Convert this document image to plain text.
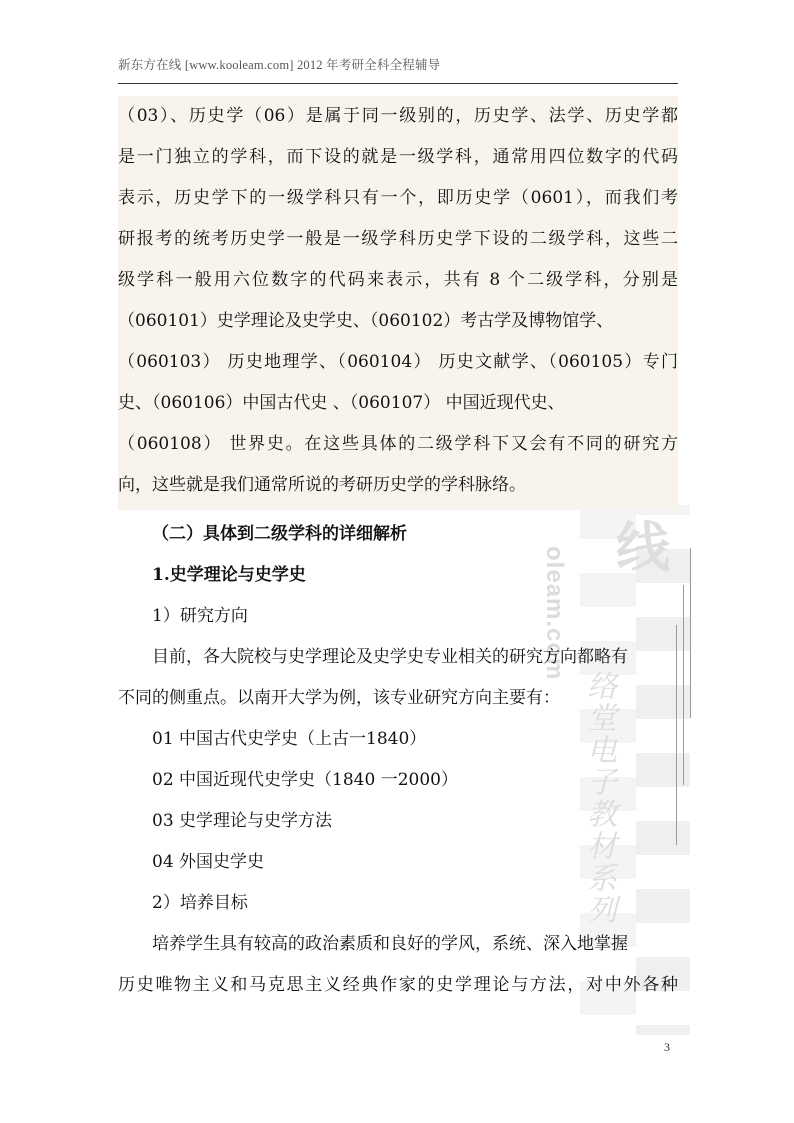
新东方在线 [www.kooleam.com] 2012 年考研全科全程辅导
线
oleam.com
络堂电子教材系列
（03）、历史学（06）是属于同一级别的，历史学、法学、历史学都
是一门独立的学科，而下设的就是一级学科，通常用四位数字的代码
表示，历史学下的一级学科只有一个，即历史学（0601），而我们考
研报考的统考历史学一般是一级学科历史学下设的二级学科，这些二
级学科一般用六位数字的代码来表示，共有 8 个二级学科，分别是
（060101）史学理论及史学史、（060102）考古学及博物馆学、
（060103） 历史地理学、（060104） 历史文献学、（060105）专门
史、（060106）中国古代史 、（060107） 中国近现代史、
（060108） 世界史。在这些具体的二级学科下又会有不同的研究方
向，这些就是我们通常所说的考研历史学的学科脉络。
（二）具体到二级学科的详细解析
1.史学理论与史学史
1）研究方向
目前，各大院校与史学理论及史学史专业相关的研究方向都略有
不同的侧重点。以南开大学为例，该专业研究方向主要有：
01 中国古代史学史（上古一1840）
02 中国近现代史学史（1840 一2000）
03 史学理论与史学方法
04 外国史学史
2）培养目标
培养学生具有较高的政治素质和良好的学风，系统、深入地掌握
历史唯物主义和马克思主义经典作家的史学理论与方法，对中外各种
3
